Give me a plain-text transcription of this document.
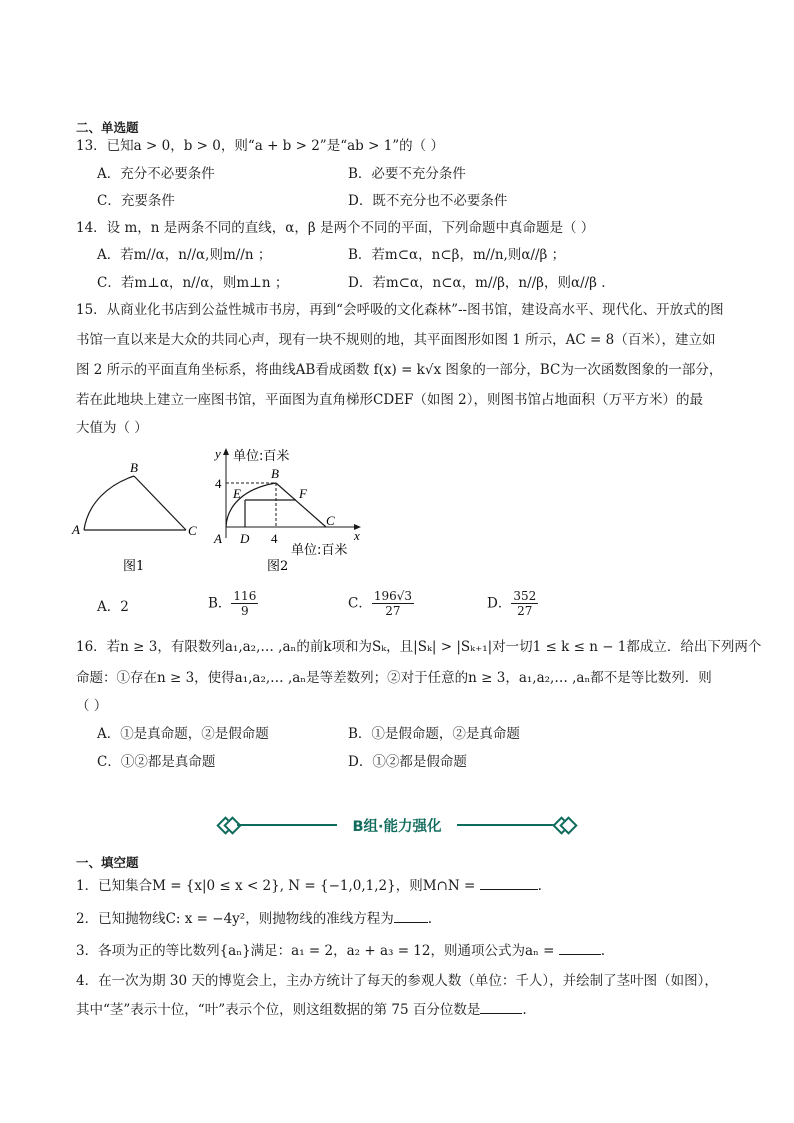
二、单选题
13．已知a > 0，b > 0，则“a + b > 2”是“ab > 1”的（ ）
A．充分不必要条件	B．必要不充分条件
C．充要条件	D．既不充分也不必要条件
14．设 m，n 是两条不同的直线，α，β 是两个不同的平面，下列命题中真命题是（ ）
A．若m//α，n//α,则m//n ；	B．若m⊂α，n⊂β，m//n,则α//β ；
C．若m⊥α，n//α，则m⊥n ；	D．若m⊂α，n⊂α，m//β，n//β，则α//β .
15．从商业化书店到公益性城市书房，再到“会呼吸的文化森林”--图书馆，建设高水平、现代化、开放式的图
书馆一直以来是大众的共同心声，现有一块不规则的地，其平面图形如图 1 所示，AC = 8（百米），建立如
图 2 所示的平面直角坐标系，将曲线AB看成函数 f(x) = k√x 图象的一部分，BC为一次函数图象的一部分，
若在此地块上建立一座图书馆，平面图为直角梯形CDEF（如图 2），则图书馆占地面积（万平方米）的最
大值为（ ）
A
B
C
图1
y 单位:百米
4
B
E	F
C
x
A D 4
单位:百米
图2
A．2	B． $\frac{116}{9}$	C． $\frac{196√3}{27}$	D． $\frac{352}{27}$
16．若n ≥ 3，有限数列a₁,a₂,… ,aₙ的前k项和为Sₖ，且|Sₖ| > |Sₖ₊₁|对一切1 ≤ k ≤ n − 1都成立．给出下列两个
命题：①存在n ≥ 3，使得a₁,a₂,… ,aₙ是等差数列；②对于任意的n ≥ 3，a₁,a₂,… ,aₙ都不是等比数列．则
（ ）
A．①是真命题，②是假命题	B．①是假命题，②是真命题
C．①②都是真命题	D．①②都是假命题
B组·能力强化
一、填空题
1．已知集合M = {x|0 ≤ x < 2}, N = {−1,0,1,2}，则M∩N =	.
2．已知抛物线C: x = −4y²，则抛物线的准线方程为	.
3．各项为正的等比数列{aₙ}满足：a₁ = 2，a₂ + a₃ = 12，则通项公式为aₙ =	.
4．在一次为期 30 天的博览会上，主办方统计了每天的参观人数（单位：千人），并绘制了茎叶图（如图），
其中“茎”表示十位，“叶”表示个位，则这组数据的第 75 百分位数是	.
